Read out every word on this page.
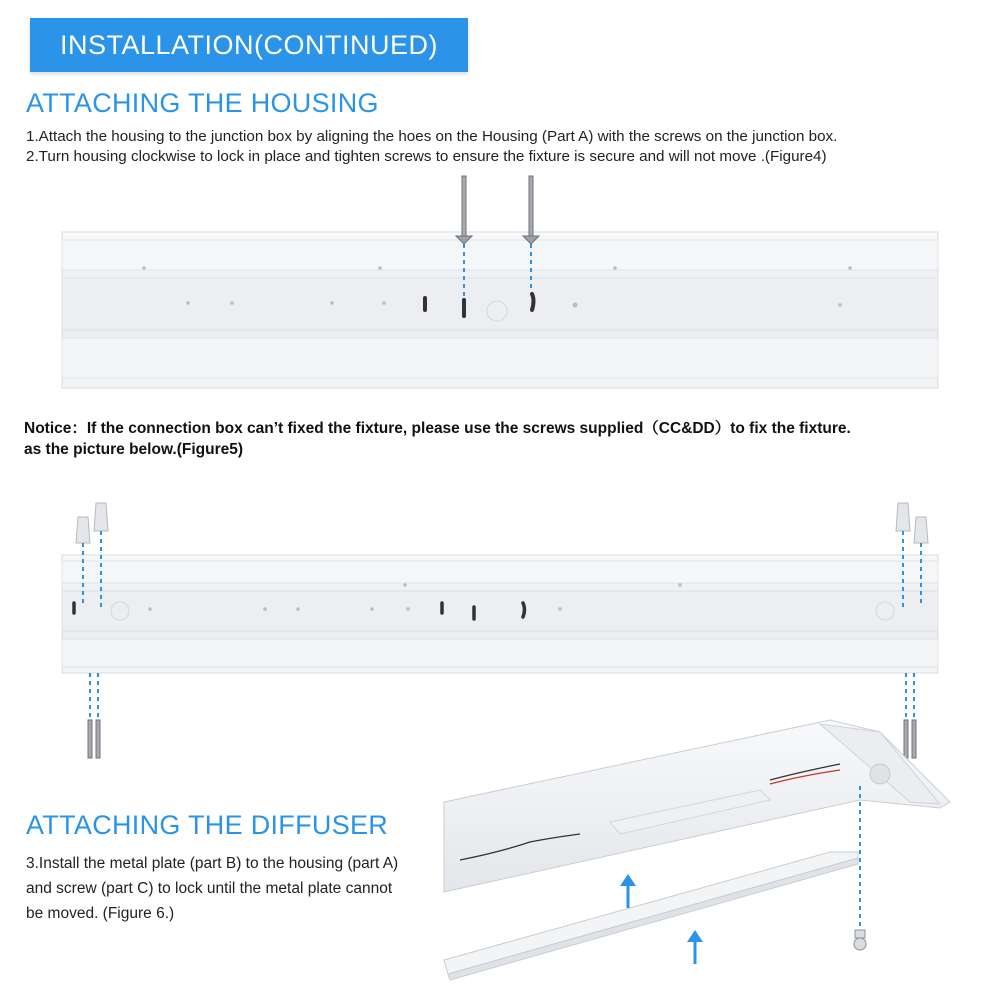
INSTALLATION(CONTINUED)
ATTACHING THE HOUSING
1.Attach the housing to the junction box by aligning the hoes on the Housing (Part A) with the screws on the junction box.
2.Turn housing clockwise to lock in place and tighten screws to ensure the fixture is secure and will not move .(Figure4)
Notice：If the connection box can’t fixed the fixture, please use the screws supplied（CC&DD）to fix the fixture.
as the picture below.(Figure5)
ATTACHING THE DIFFUSER
3.Install the metal plate (part B) to the housing (part A) and screw (part C) to lock until the metal plate cannot be moved. (Figure 6.)
